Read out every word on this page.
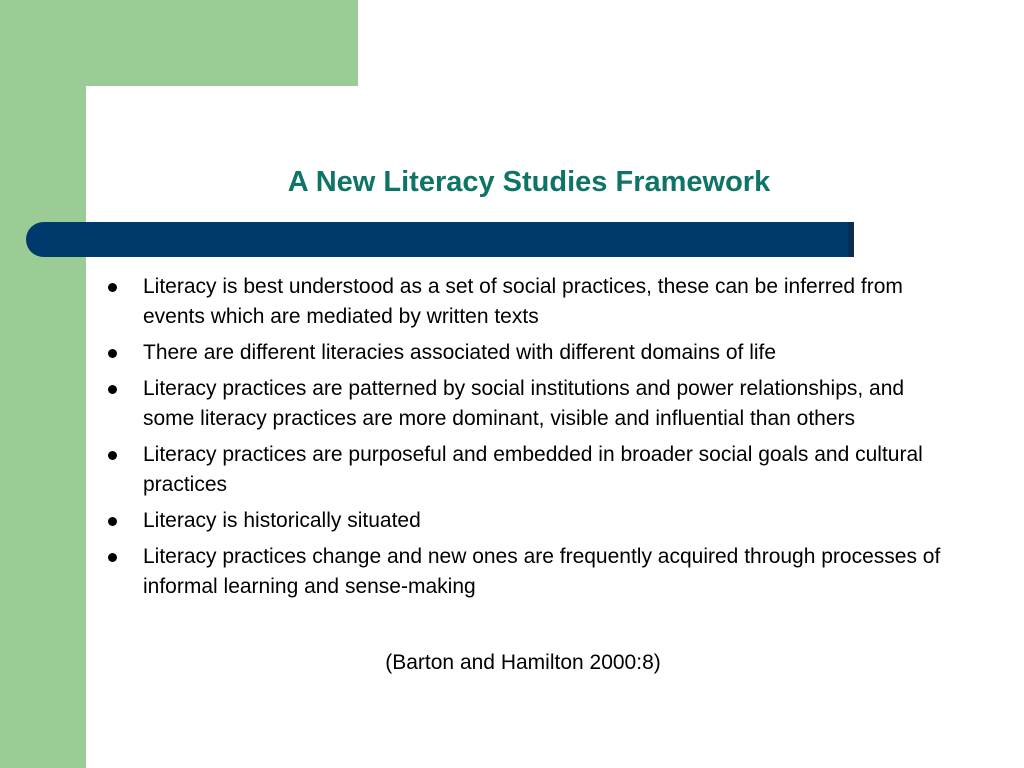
A New Literacy Studies Framework
Literacy is best understood as a set of social practices, these can be inferred from events which are mediated by written texts
There are different literacies associated with different domains of life
Literacy practices are patterned by social institutions and power relationships, and some literacy practices are more dominant, visible and influential than others
Literacy practices are purposeful and embedded in broader social goals and cultural practices
Literacy is historically situated
Literacy practices change and new ones are frequently acquired through processes of informal learning and sense-making
(Barton and Hamilton 2000:8)
